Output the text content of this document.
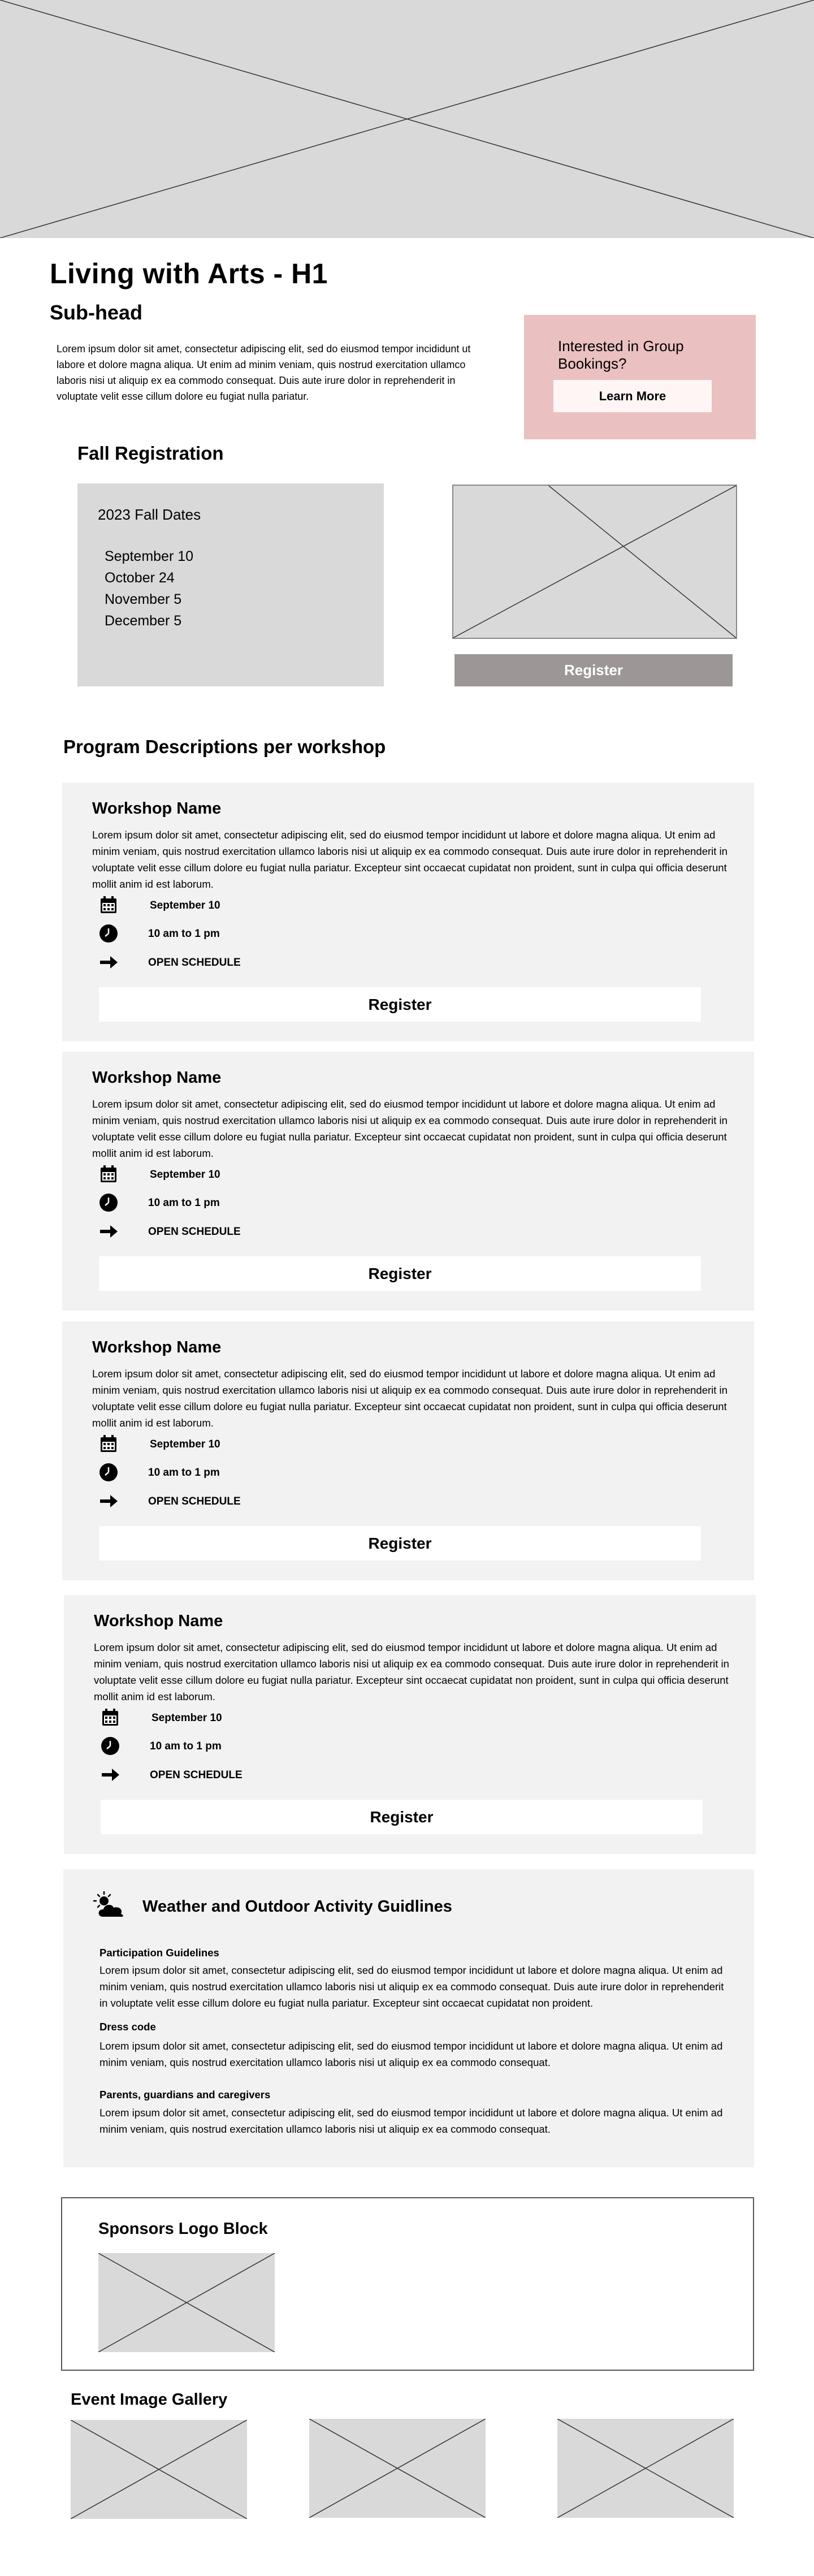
Living with Arts - H1
Sub-head

Lorem ipsum dolor sit amet, consectetur adipiscing elit, sed do eiusmod tempor incididunt ut labore et dolore magna aliqua. Ut enim ad minim veniam, quis nostrud exercitation ullamco laboris nisi ut aliquip ex ea commodo consequat. Duis aute irure dolor in reprehenderit in voluptate velit esse cillum dolore eu fugiat nulla pariatur.

Interested in Group Bookings?
Learn More
Fall Registration
2023 Fall Dates
September 10
October 24
November 5
December 5
Register
Program Descriptions per workshop
Workshop Name

Lorem ipsum dolor sit amet, consectetur adipiscing elit, sed do eiusmod tempor incididunt ut labore et dolore magna aliqua. Ut enim ad minim veniam, quis nostrud exercitation ullamco laboris nisi ut aliquip ex ea commodo consequat. Duis aute irure dolor in reprehenderit in voluptate velit esse cillum dolore eu fugiat nulla pariatur. Excepteur sint occaecat cupidatat non proident, sunt in culpa qui officia deserunt mollit anim id est laborum.

September 10
10 am to 1 pm
OPEN SCHEDULE
Register
Workshop Name

Lorem ipsum dolor sit amet, consectetur adipiscing elit, sed do eiusmod tempor incididunt ut labore et dolore magna aliqua. Ut enim ad minim veniam, quis nostrud exercitation ullamco laboris nisi ut aliquip ex ea commodo consequat. Duis aute irure dolor in reprehenderit in voluptate velit esse cillum dolore eu fugiat nulla pariatur. Excepteur sint occaecat cupidatat non proident, sunt in culpa qui officia deserunt mollit anim id est laborum.

September 10
10 am to 1 pm
OPEN SCHEDULE
Register
Workshop Name

Lorem ipsum dolor sit amet, consectetur adipiscing elit, sed do eiusmod tempor incididunt ut labore et dolore magna aliqua. Ut enim ad minim veniam, quis nostrud exercitation ullamco laboris nisi ut aliquip ex ea commodo consequat. Duis aute irure dolor in reprehenderit in voluptate velit esse cillum dolore eu fugiat nulla pariatur. Excepteur sint occaecat cupidatat non proident, sunt in culpa qui officia deserunt mollit anim id est laborum.

September 10
10 am to 1 pm
OPEN SCHEDULE
Register
Workshop Name

Lorem ipsum dolor sit amet, consectetur adipiscing elit, sed do eiusmod tempor incididunt ut labore et dolore magna aliqua. Ut enim ad minim veniam, quis nostrud exercitation ullamco laboris nisi ut aliquip ex ea commodo consequat. Duis aute irure dolor in reprehenderit in voluptate velit esse cillum dolore eu fugiat nulla pariatur. Excepteur sint occaecat cupidatat non proident, sunt in culpa qui officia deserunt mollit anim id est laborum.

September 10
10 am to 1 pm
OPEN SCHEDULE
Register
Weather and Outdoor Activity Guidlines
Participation Guidelines

Lorem ipsum dolor sit amet, consectetur adipiscing elit, sed do eiusmod tempor incididunt ut labore et dolore magna aliqua. Ut enim ad minim veniam, quis nostrud exercitation ullamco laboris nisi ut aliquip ex ea commodo consequat. Duis aute irure dolor in reprehenderit in voluptate velit esse cillum dolore eu fugiat nulla pariatur. Excepteur sint occaecat cupidatat non proident.

Dress code

Lorem ipsum dolor sit amet, consectetur adipiscing elit, sed do eiusmod tempor incididunt ut labore et dolore magna aliqua. Ut enim ad minim veniam, quis nostrud exercitation ullamco laboris nisi ut aliquip ex ea commodo consequat.

Parents, guardians and caregivers

Lorem ipsum dolor sit amet, consectetur adipiscing elit, sed do eiusmod tempor incididunt ut labore et dolore magna aliqua. Ut enim ad minim veniam, quis nostrud exercitation ullamco laboris nisi ut aliquip ex ea commodo consequat.

Sponsors Logo Block
Event Image Gallery
